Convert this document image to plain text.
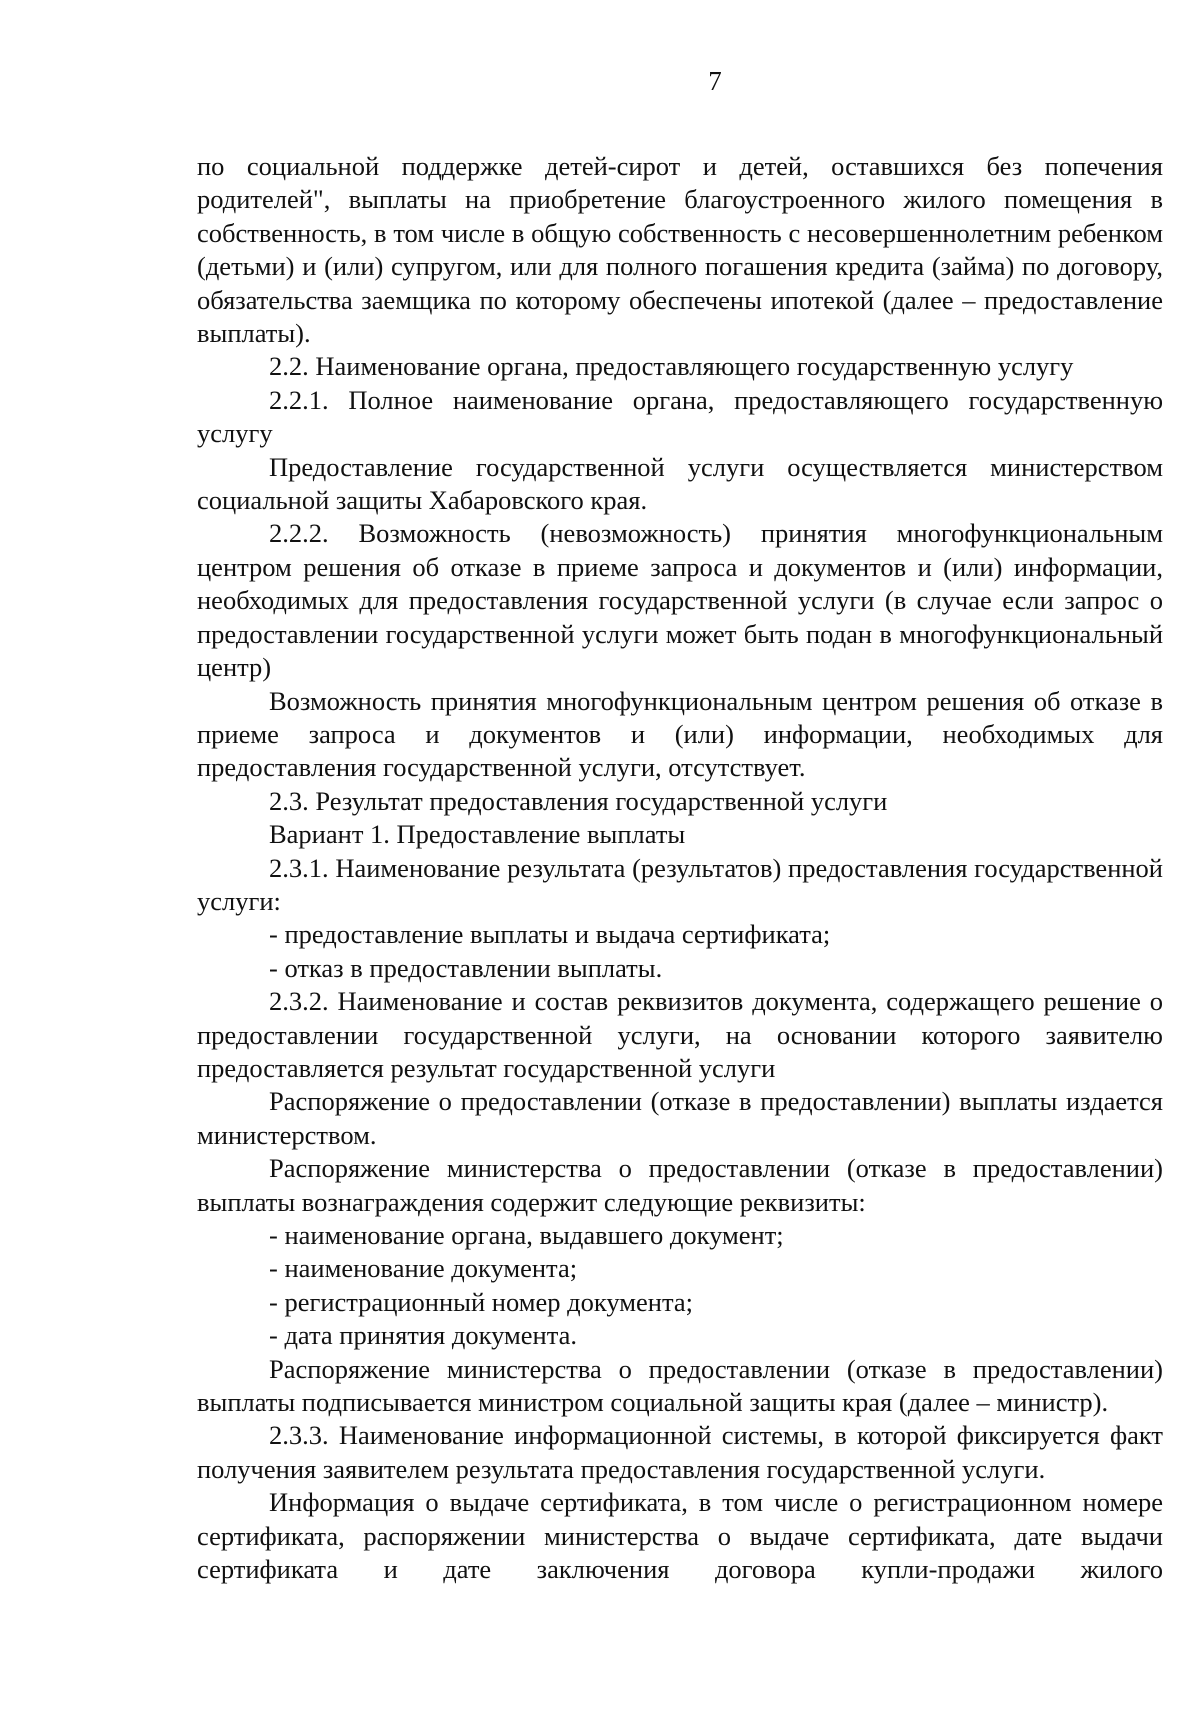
7

по социальной поддержке детей-сирот и детей, оставшихся без попечения родителей", выплаты на приобретение благоустроенного жилого помещения в собственность, в том числе в общую собственность с несовершеннолетним ребенком (детьми) и (или) супругом, или для полного погашения кредита (займа) по договору, обязательства заемщика по которому обеспечены ипотекой (далее – предоставление выплаты).

2.2. Наименование органа, предоставляющего государственную услугу

2.2.1. Полное наименование органа, предоставляющего государственную услугу

Предоставление государственной услуги осуществляется министерством социальной защиты Хабаровского края.

2.2.2. Возможность (невозможность) принятия многофункциональным центром решения об отказе в приеме запроса и документов и (или) информации, необходимых для предоставления государственной услуги (в случае если запрос о предоставлении государственной услуги может быть подан в многофункциональный центр)

Возможность принятия многофункциональным центром решения об отказе в приеме запроса и документов и (или) информации, необходимых для предоставления государственной услуги, отсутствует.

2.3. Результат предоставления государственной услуги

Вариант 1. Предоставление выплаты

2.3.1. Наименование результата (результатов) предоставления государственной услуги:

- предоставление выплаты и выдача сертификата;

- отказ в предоставлении выплаты.

2.3.2. Наименование и состав реквизитов документа, содержащего решение о предоставлении государственной услуги, на основании которого заявителю предоставляется результат государственной услуги

Распоряжение о предоставлении (отказе в предоставлении) выплаты издается министерством.

Распоряжение министерства о предоставлении (отказе в предоставлении) выплаты вознаграждения содержит следующие реквизиты:

- наименование органа, выдавшего документ;

- наименование документа;

- регистрационный номер документа;

- дата принятия документа.

Распоряжение министерства о предоставлении (отказе в предоставлении) выплаты подписывается министром социальной защиты края (далее – министр).

2.3.3. Наименование информационной системы, в которой фиксируется факт получения заявителем результата предоставления государственной услуги.

Информация о выдаче сертификата, в том числе о регистрационном номере сертификата, распоряжении министерства о выдаче сертификата, дате выдачи сертификата и дате заключения договора купли-продажи жилого
